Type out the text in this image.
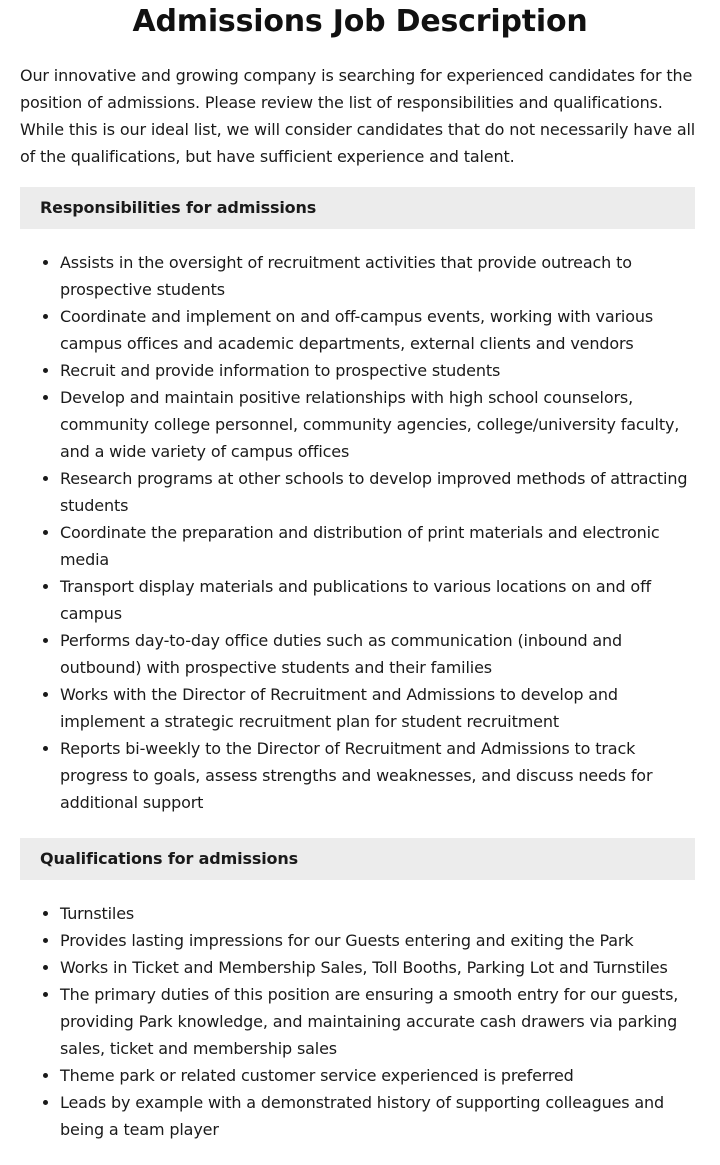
Admissions Job Description

Our innovative and growing company is searching for experienced candidates for the position of admissions. Please review the list of responsibilities and qualifications. While this is our ideal list, we will consider candidates that do not necessarily have all of the qualifications, but have sufficient experience and talent.

Responsibilities for admissions
• Assists in the oversight of recruitment activities that provide outreach to prospective students
• Coordinate and implement on and off-campus events, working with various campus offices and academic departments, external clients and vendors
• Recruit and provide information to prospective students
• Develop and maintain positive relationships with high school counselors, community college personnel, community agencies, college/university faculty, and a wide variety of campus offices
• Research programs at other schools to develop improved methods of attracting students
• Coordinate the preparation and distribution of print materials and electronic media
• Transport display materials and publications to various locations on and off campus
• Performs day-to-day office duties such as communication (inbound and outbound) with prospective students and their families
• Works with the Director of Recruitment and Admissions to develop and implement a strategic recruitment plan for student recruitment
• Reports bi-weekly to the Director of Recruitment and Admissions to track progress to goals, assess strengths and weaknesses, and discuss needs for additional support
Qualifications for admissions
• Turnstiles
• Provides lasting impressions for our Guests entering and exiting the Park
• Works in Ticket and Membership Sales, Toll Booths, Parking Lot and Turnstiles
• The primary duties of this position are ensuring a smooth entry for our guests, providing Park knowledge, and maintaining accurate cash drawers via parking sales, ticket and membership sales
• Theme park or related customer service experienced is preferred
• Leads by example with a demonstrated history of supporting colleagues and being a team player
